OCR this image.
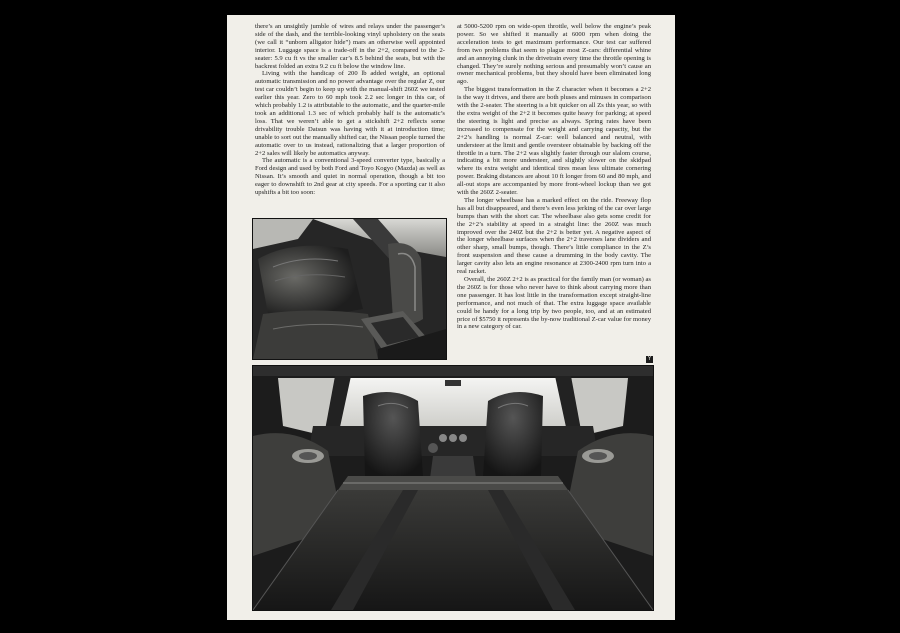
there’s an unsightly jumble of wires and relays under the passenger’s side of the dash, and the terrible-looking vinyl upholstery on the seats (we call it “unborn alligator hide”) mars an otherwise well appointed interior. Luggage space is a trade-off in the 2+2, compared to the 2-seater: 5.9 cu ft vs the smaller car’s 8.5 behind the seats, but with the backrest folded an extra 9.2 cu ft below the window line.

Living with the handicap of 200 lb added weight, an optional automatic transmission and no power advantage over the regular Z, our test car couldn’t begin to keep up with the manual-shift 260Z we tested earlier this year. Zero to 60 mph took 2.2 sec longer in this car, of which probably 1.2 is attributable to the automatic, and the quarter-mile took an additional 1.3 sec of which probably half is the automatic’s loss. That we weren’t able to get a stickshift 2+2 reflects some drivability trouble Datsun was having with it at introduction time; unable to sort out the manually shifted car, the Nissan people turned the automatic over to us instead, rationalizing that a larger proportion of 2+2 sales will likely be automatics anyway.

The automatic is a conventional 3-speed converter type, basically a Ford design and used by both Ford and Toyo Kogyo (Mazda) as well as Nissan. It’s smooth and quiet in normal operation, though a bit too eager to downshift to 2nd gear at city speeds. For a sporting car it also upshifts a bit too soon:

at 5000-5200 rpm on wide-open throttle, well below the engine’s peak power. So we shifted it manually at 6000 rpm when doing the acceleration tests to get maximum performance. Our test car suffered from two problems that seem to plague most Z-cars: differential whine and an annoying clunk in the drivetrain every time the throttle opening is changed. They’re surely nothing serious and presumably won’t cause an owner mechanical problems, but they should have been eliminated long ago.

The biggest transformation in the Z character when it becomes a 2+2 is the way it drives, and there are both pluses and minuses in comparison with the 2-seater. The steering is a bit quicker on all Zs this year, so with the extra weight of the 2+2 it becomes quite heavy for parking; at speed the steering is light and precise as always. Spring rates have been increased to compensate for the weight and carrying capacity, but the 2+2’s handling is normal Z-car: well balanced and neutral, with understeer at the limit and gentle oversteer obtainable by backing off the throttle in a turn. The 2+2 was slightly faster through our slalom course, indicating a bit more understeer, and slightly slower on the skidpad where its extra weight and identical tires mean less ultimate cornering power. Braking distances are about 10 ft longer from 60 and 80 mph, and all-out stops are accompanied by more front-wheel lockup than we got with the 260Z 2-seater.

The longer wheelbase has a marked effect on the ride. Freeway flop has all but disappeared, and there’s even less jerking of the car over large bumps than with the short car. The wheelbase also gets some credit for the 2+2’s stability at speed in a straight line: the 260Z was much improved over the 240Z but the 2+2 is better yet. A negative aspect of the longer wheelbase surfaces when the 2+2 traverses lane dividers and other sharp, small bumps, though. There’s little compliance in the Z’s front suspension and these cause a drumming in the body cavity. The larger cavity also lets an engine resonance at 2300-2400 rpm turn into a real racket.

Overall, the 260Z 2+2 is as practical for the family man (or woman) as the 260Z is for those who never have to think about carrying more than one passenger. It has lost little in the transformation except straight-line performance, and not much of that. The extra luggage space available could be handy for a long trip by two people, too, and at an estimated price of $5750 it represents the by-now traditional Z-car value for money in a new category of car.

Y
